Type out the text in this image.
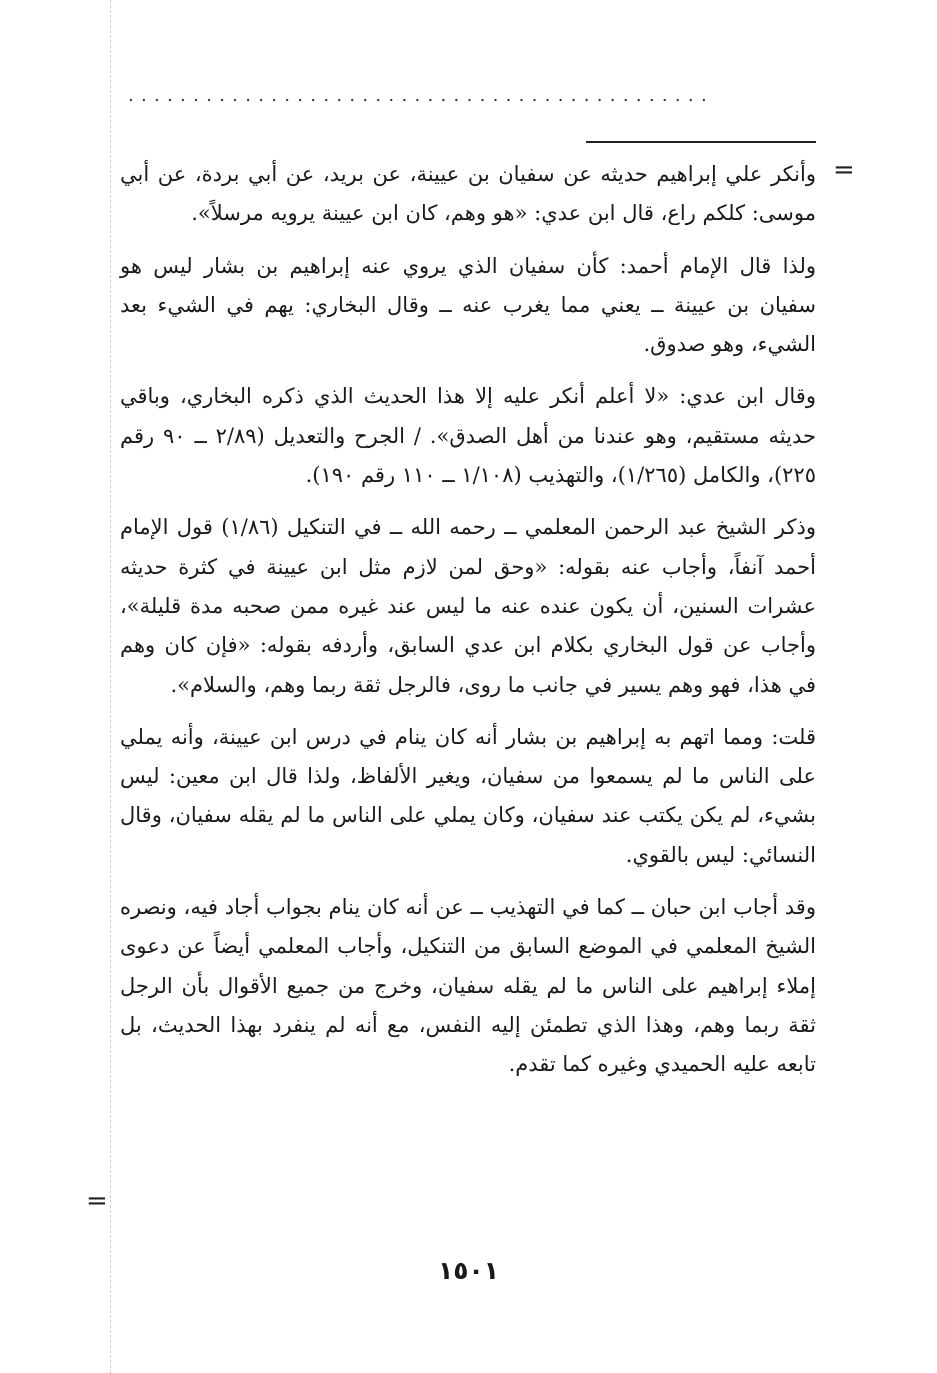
.............................................
=

وأنكر علي إبراهيم حديثه عن سفيان بن عيينة، عن بريد، عن أبي بردة، عن أبي موسى: كلكم راع، قال ابن عدي: «هو وهم، كان ابن عيينة يرويه مرسلاً».

ولذا قال الإمام أحمد: كأن سفيان الذي يروي عنه إبراهيم بن بشار ليس هو سفيان بن عيينة ــ يعني مما يغرب عنه ــ وقال البخاري: يهم في الشيء بعد الشيء، وهو صدوق.

وقال ابن عدي: «لا أعلم أنكر عليه إلا هذا الحديث الذي ذكره البخاري، وباقي حديثه مستقيم، وهو عندنا من أهل الصدق». / الجرح والتعديل (٢/٨٩ ــ ٩٠ رقم ٢٢٥)، والكامل (١/٢٦٥)، والتهذيب (١/١٠٨ ــ ١١٠ رقم ١٩٠).

وذكر الشيخ عبد الرحمن المعلمي ــ رحمه الله ــ في التنكيل (١/٨٦) قول الإمام أحمد آنفاً، وأجاب عنه بقوله: «وحق لمن لازم مثل ابن عيينة في كثرة حديثه عشرات السنين، أن يكون عنده عنه ما ليس عند غيره ممن صحبه مدة قليلة»، وأجاب عن قول البخاري بكلام ابن عدي السابق، وأردفه بقوله: «فإن كان وهم في هذا، فهو وهم يسير في جانب ما روى، فالرجل ثقة ربما وهم، والسلام».

قلت: ومما اتهم به إبراهيم بن بشار أنه كان ينام في درس ابن عيينة، وأنه يملي على الناس ما لم يسمعوا من سفيان، ويغير الألفاظ، ولذا قال ابن معين: ليس بشيء، لم يكن يكتب عند سفيان، وكان يملي على الناس ما لم يقله سفيان، وقال النسائي: ليس بالقوي.

وقد أجاب ابن حبان ــ كما في التهذيب ــ عن أنه كان ينام بجواب أجاد فيه، ونصره الشيخ المعلمي في الموضع السابق من التنكيل، وأجاب المعلمي أيضاً عن دعوى إملاء إبراهيم على الناس ما لم يقله سفيان، وخرج من جميع الأقوال بأن الرجل ثقة ربما وهم، وهذا الذي تطمئن إليه النفس، مع أنه لم ينفرد بهذا الحديث، بل تابعه عليه الحميدي وغيره كما تقدم.

=
١٥٠١
